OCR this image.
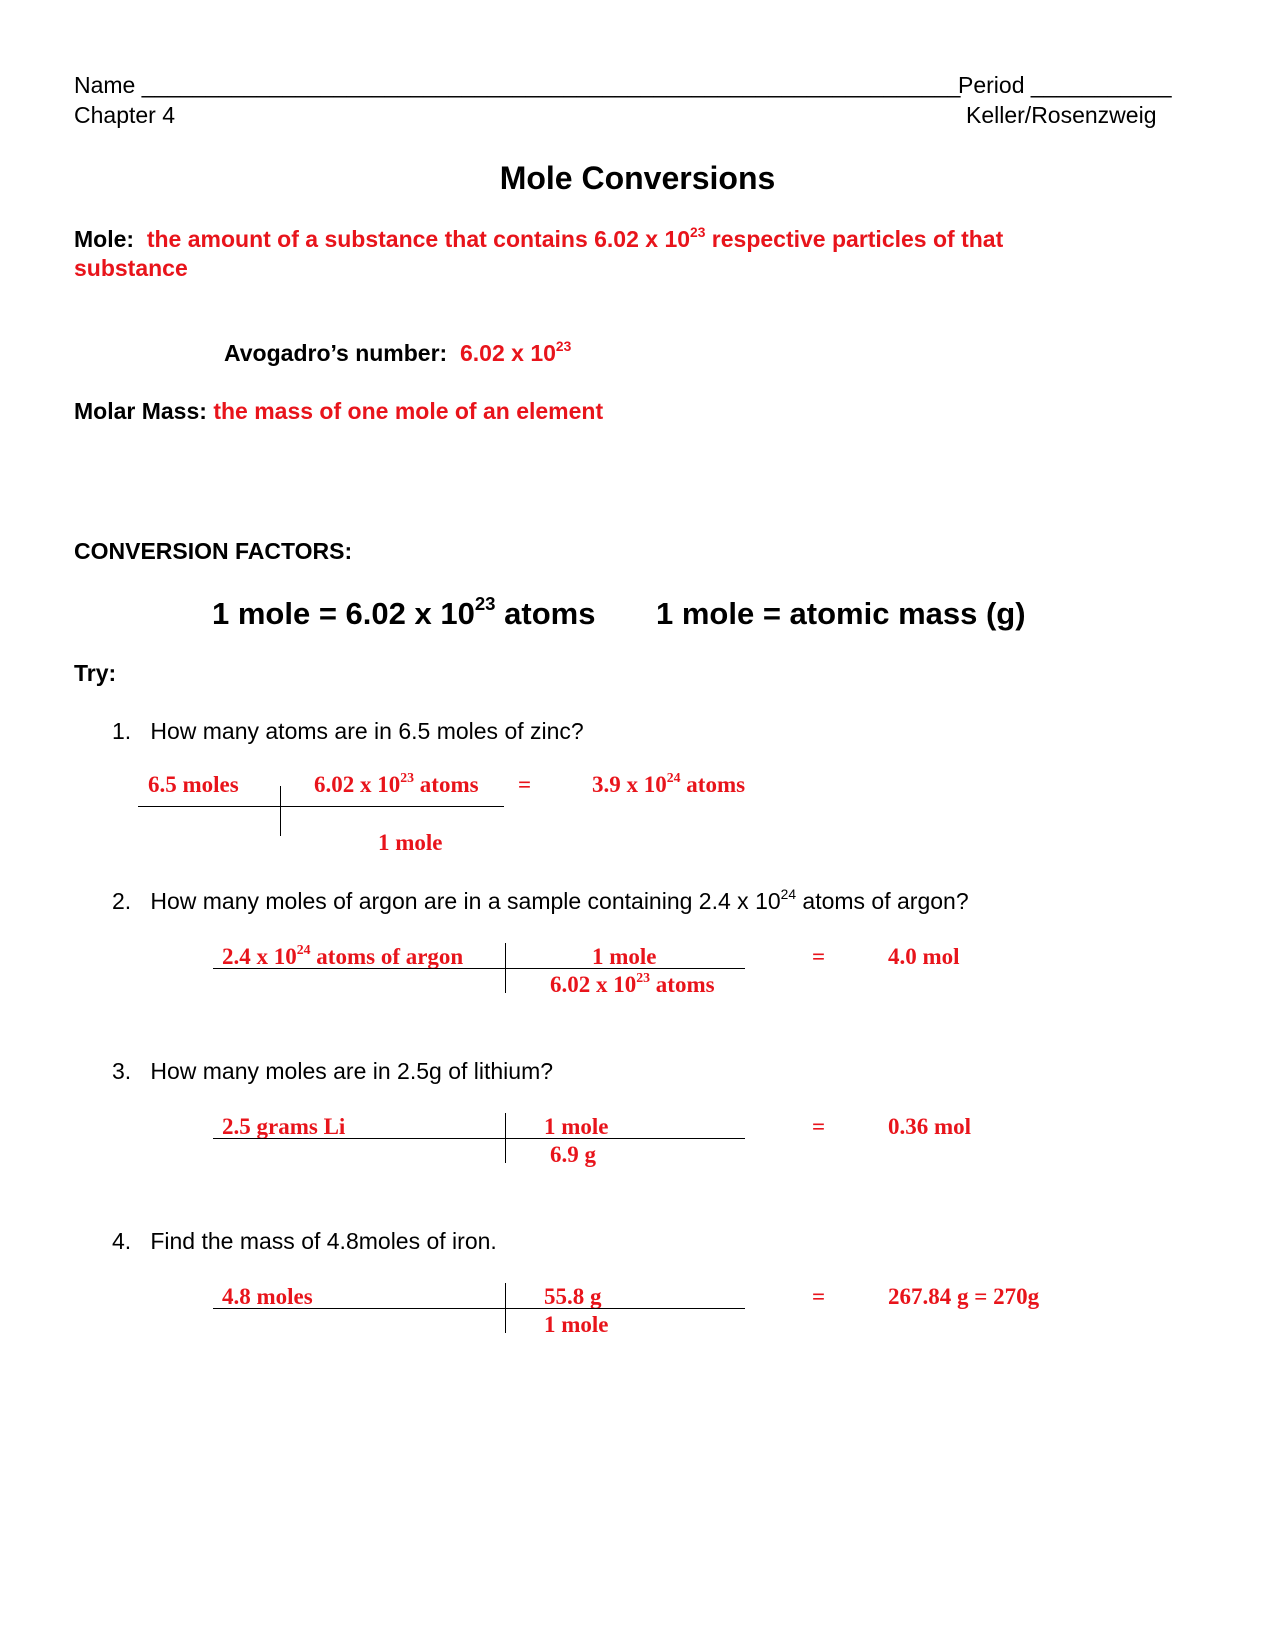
Name ________________________________________________________________
Period ___________
Chapter 4	Keller/Rosenzweig
Mole Conversions
Mole: the amount of a substance that contains 6.02 x $10^{23}$ respective particles of that
substance
Avogadro’s number: 6.02 x $10^{23}$
Molar Mass: the mass of one mole of an element
CONVERSION FACTORS:
1 mole = 6.02 x $10^{23}$ atoms 1 mole = atomic mass (g)
Try:
1. How many atoms are in 6.5 moles of zinc?
6.5 moles	6.02 x $10^{23}$ atoms =	3.9 x $10^{24}$ atoms
1 mole
2. How many moles of argon are in a sample containing 2.4 x $10^{24}$ atoms of argon?
2.4 x $10^{24}$ atoms of argon	1 mole	=	4.0 mol
6.02 x $10^{23}$ atoms
3. How many moles are in 2.5g of lithium?
2.5 grams Li	1 mole	=	0.36 mol
6.9 g
4. Find the mass of 4.8moles of iron.
4.8 moles	55.8 g	=	267.84 g = 270g
1 mole
